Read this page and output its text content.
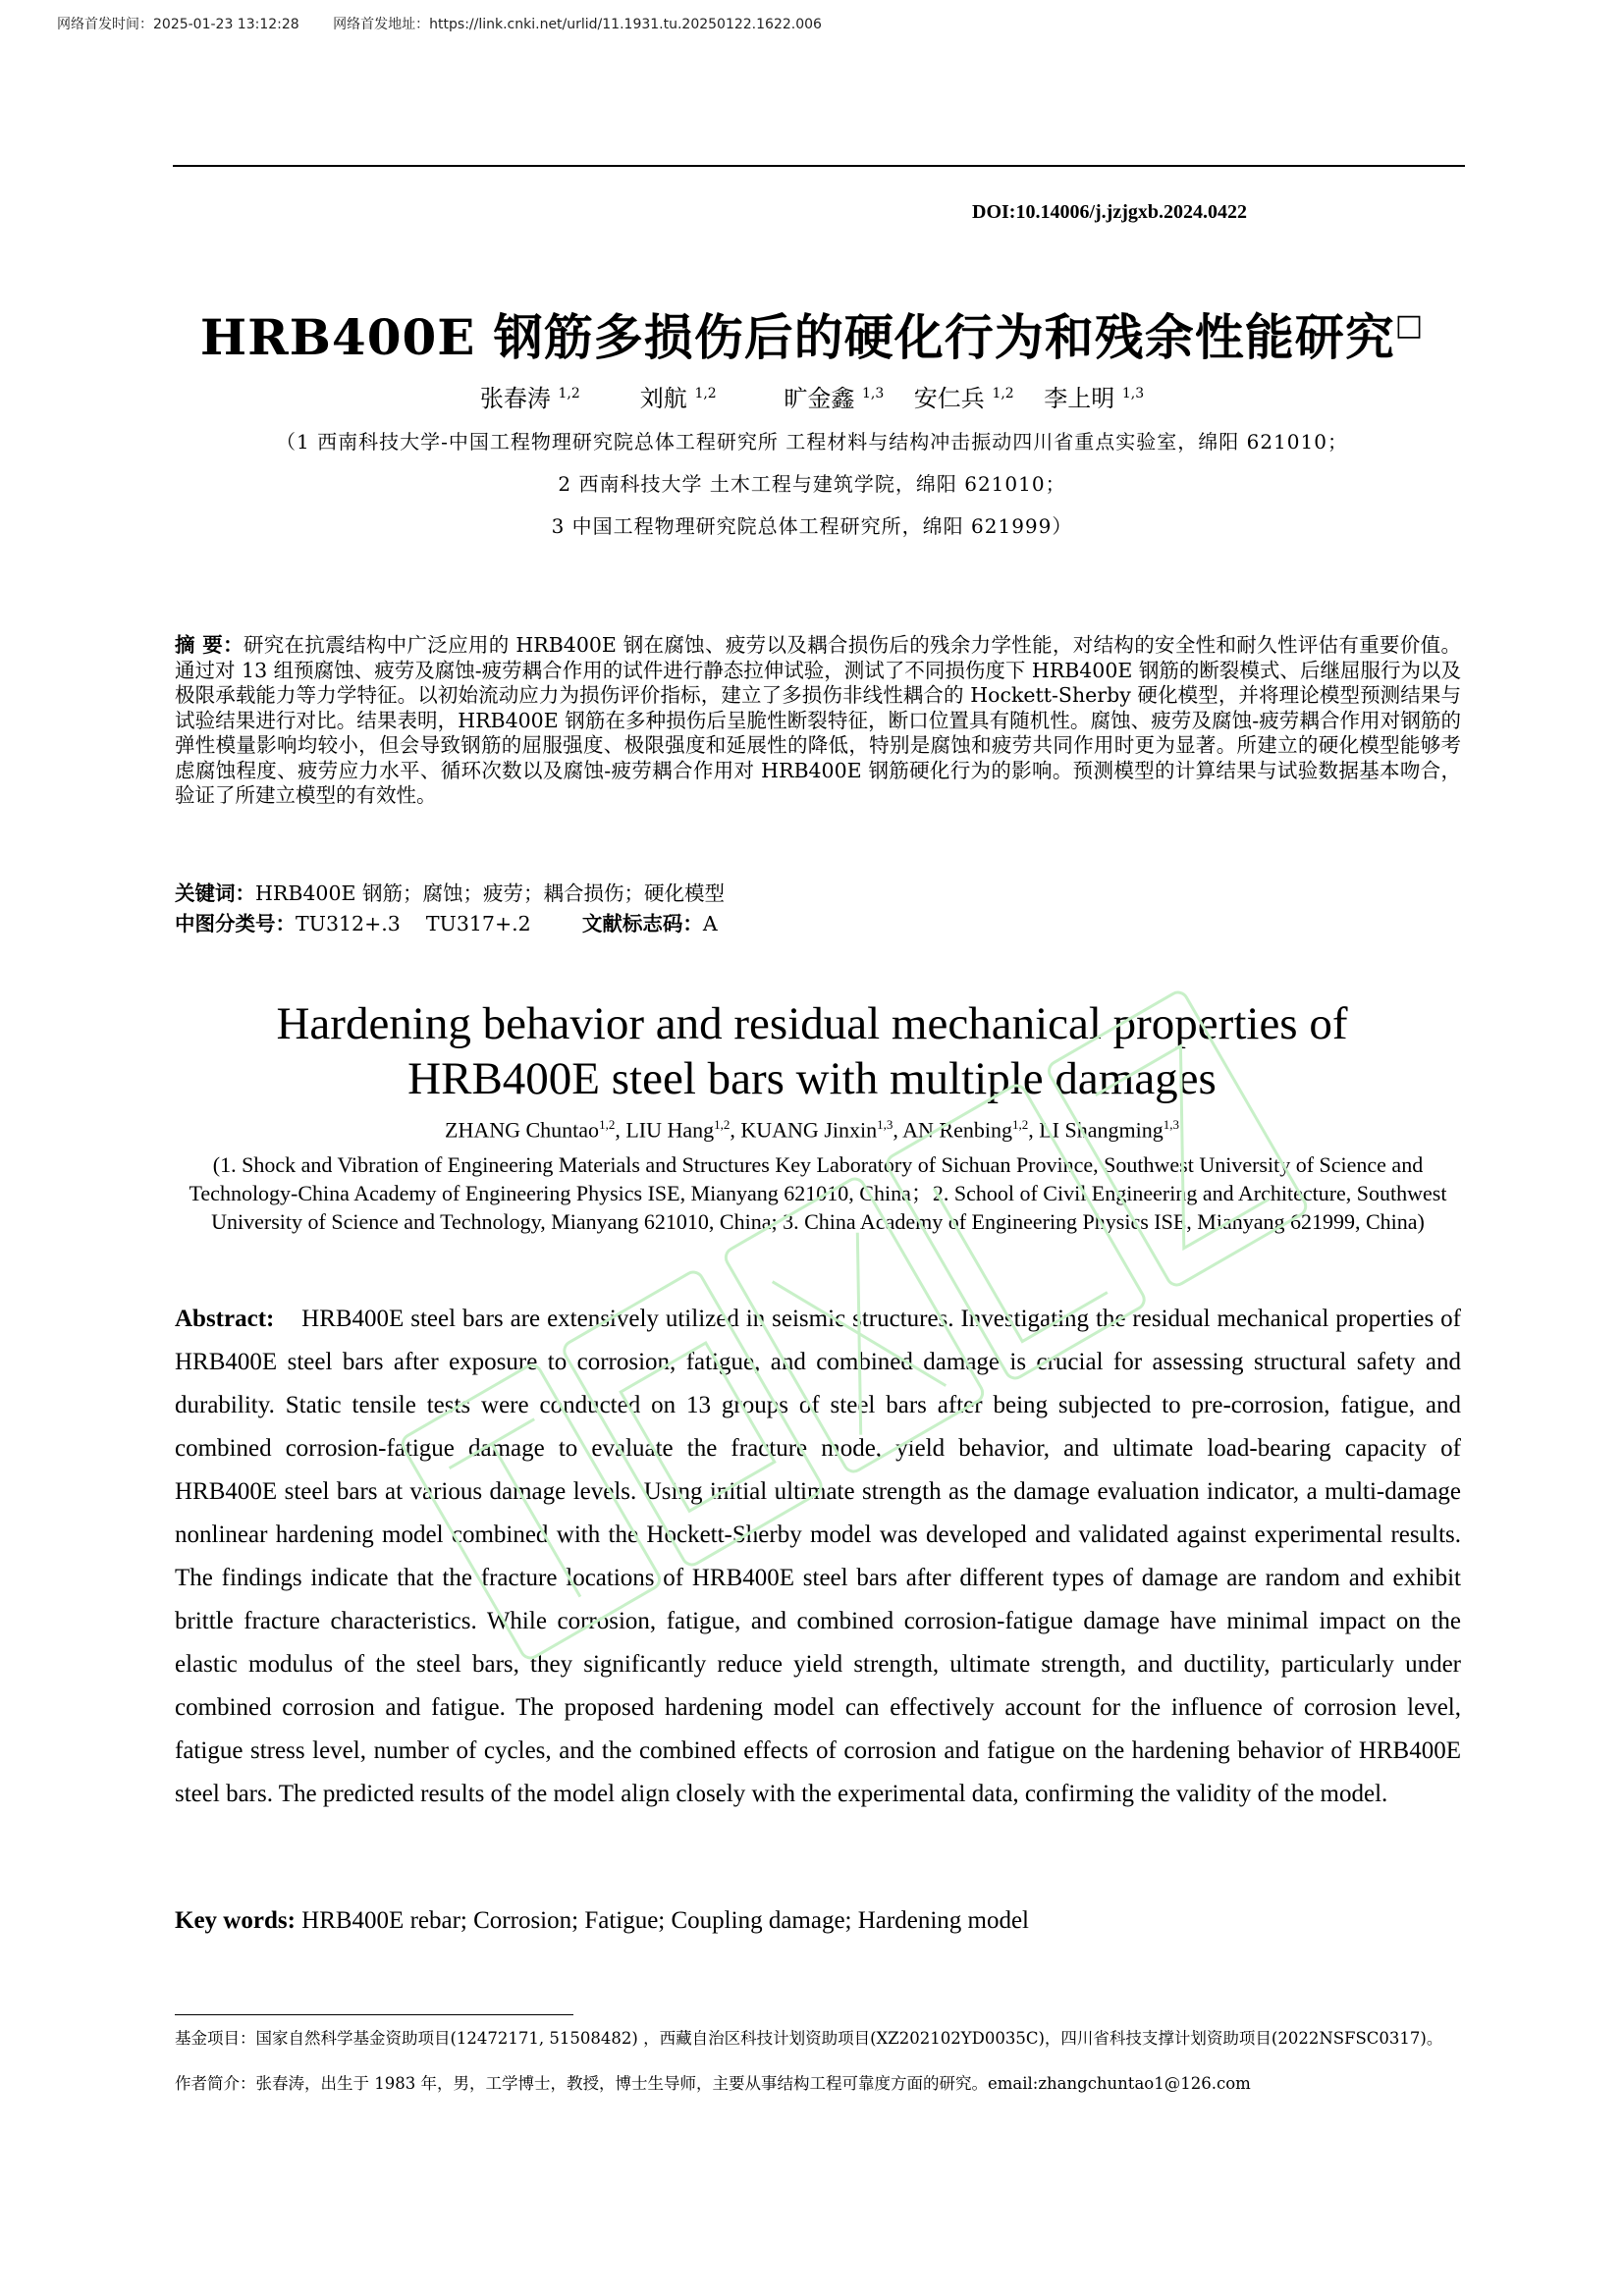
网络首发时间：2025-01-23 13:12:28 网络首发地址：https://link.cnki.net/urlid/11.1931.tu.20250122.1622.006
DOI:10.14006/j.jzjgxb.2024.0422
HRB400E 钢筋多损伤后的硬化行为和残余性能研究□
张春涛 $^{1,2}$	刘航 $^{1,2}$	旷金鑫 $^{1,3}$ 安仁兵 $^{1,2}$ 李上明 $^{1,3}$
（1 西南科技大学-中国工程物理研究院总体工程研究所 工程材料与结构冲击振动四川省重点实验室，绵阳 621010；
2 西南科技大学 土木工程与建筑学院，绵阳 621010；
3 中国工程物理研究院总体工程研究所，绵阳 621999）
摘 要：研究在抗震结构中广泛应用的 HRB400E 钢在腐蚀、疲劳以及耦合损伤后的残余力学性能，对结构的安全性和耐久性评估有重要价值。通过对 13 组预腐蚀、疲劳及腐蚀-疲劳耦合作用的试件进行静态拉伸试验，测试了不同损伤度下 HRB400E 钢筋的断裂模式、后继屈服行为以及极限承载能力等力学特征。以初始流动应力为损伤评价指标，建立了多损伤非线性耦合的 Hockett-Sherby 硬化模型，并将理论模型预测结果与试验结果进行对比。结果表明，HRB400E 钢筋在多种损伤后呈脆性断裂特征，断口位置具有随机性。腐蚀、疲劳及腐蚀-疲劳耦合作用对钢筋的弹性模量影响均较小，但会导致钢筋的屈服强度、极限强度和延展性的降低，特别是腐蚀和疲劳共同作用时更为显著。所建立的硬化模型能够考虑腐蚀程度、疲劳应力水平、循环次数以及腐蚀-疲劳耦合作用对 HRB400E 钢筋硬化行为的影响。预测模型的计算结果与试验数据基本吻合，验证了所建立模型的有效性。
关键词：HRB400E 钢筋；腐蚀；疲劳；耦合损伤；硬化模型
中图分类号：TU312+.3    TU317+.2	文献标志码：A
Hardening behavior and residual mechanical properties of
HRB400E steel bars with multiple damages
ZHANG Chuntao$^{1,2}$, LIU Hang$^{1,2}$, KUANG Jinxin$^{1,3}$, AN Renbing$^{1,2}$, LI Shangming$^{1,3}$
(1. Shock and Vibration of Engineering Materials and Structures Key Laboratory of Sichuan Province, Southwest University of Science and Technology-China Academy of Engineering Physics ISE, Mianyang 621010, China；2. School of Civil Engineering and Architecture, Southwest University of Science and Technology, Mianyang 621010, China; 3. China Academy of Engineering Physics ISE, Mianyang 621999, China)
Abstract: HRB400E steel bars are extensively utilized in seismic structures. Investigating the residual mechanical properties of HRB400E steel bars after exposure to corrosion, fatigue, and combined damage is crucial for assessing structural safety and durability. Static tensile tests were conducted on 13 groups of steel bars after being subjected to pre-corrosion, fatigue, and combined corrosion-fatigue damage to evaluate the fracture mode, yield behavior, and ultimate load-bearing capacity of HRB400E steel bars at various damage levels. Using initial ultimate strength as the damage evaluation indicator, a multi-damage nonlinear hardening model combined with the Hockett-Sherby model was developed and validated against experimental results. The findings indicate that the fracture locations of HRB400E steel bars after different types of damage are random and exhibit brittle fracture characteristics. While corrosion, fatigue, and combined corrosion-fatigue damage have minimal impact on the elastic modulus of the steel bars, they significantly reduce yield strength, ultimate strength, and ductility, particularly under combined corrosion and fatigue. The proposed hardening model can effectively account for the influence of corrosion level, fatigue stress level, number of cycles, and the combined effects of corrosion and fatigue on the hardening behavior of HRB400E steel bars. The predicted results of the model align closely with the experimental data, confirming the validity of the model.
Key words: HRB400E rebar; Corrosion; Fatigue; Coupling damage; Hardening model
基金项目：国家自然科学基金资助项目(12472171, 51508482) ，西藏自治区科技计划资助项目(XZ202102YD0035C)，四川省科技支撑计划资助项目(2022NSFSC0317)。
作者简介：张春涛，出生于 1983 年，男，工学博士，教授，博士生导师，主要从事结构工程可靠度方面的研究。email:zhangchuntao1@126.com
